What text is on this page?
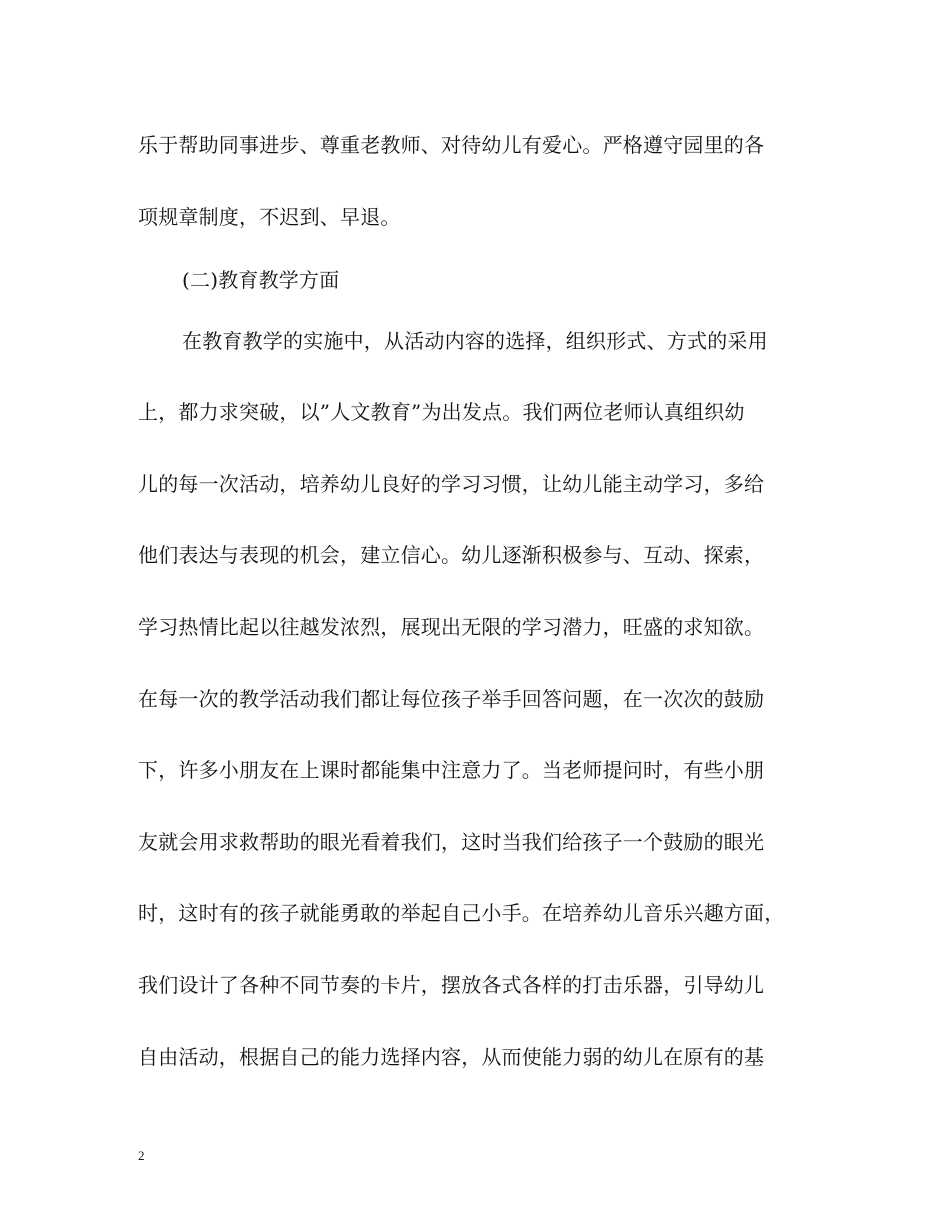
乐于帮助同事进步、尊重老教师、对待幼儿有爱心。严格遵守园里的各
项规章制度，不迟到、早退。
(二)教育教学方面
在教育教学的实施中，从活动内容的选择，组织形式、方式的采用
上，都力求突破，以”人文教育”为出发点。我们两位老师认真组织幼
儿的每一次活动，培养幼儿良好的学习习惯，让幼儿能主动学习，多给
他们表达与表现的机会，建立信心。幼儿逐渐积极参与、互动、探索，
学习热情比起以往越发浓烈，展现出无限的学习潜力，旺盛的求知欲。
在每一次的教学活动我们都让每位孩子举手回答问题，在一次次的鼓励
下，许多小朋友在上课时都能集中注意力了。当老师提问时，有些小朋
友就会用求救帮助的眼光看着我们，这时当我们给孩子一个鼓励的眼光
时，这时有的孩子就能勇敢的举起自己小手。在培养幼儿音乐兴趣方面，
我们设计了各种不同节奏的卡片，摆放各式各样的打击乐器，引导幼儿
自由活动，根据自己的能力选择内容，从而使能力弱的幼儿在原有的基
2
